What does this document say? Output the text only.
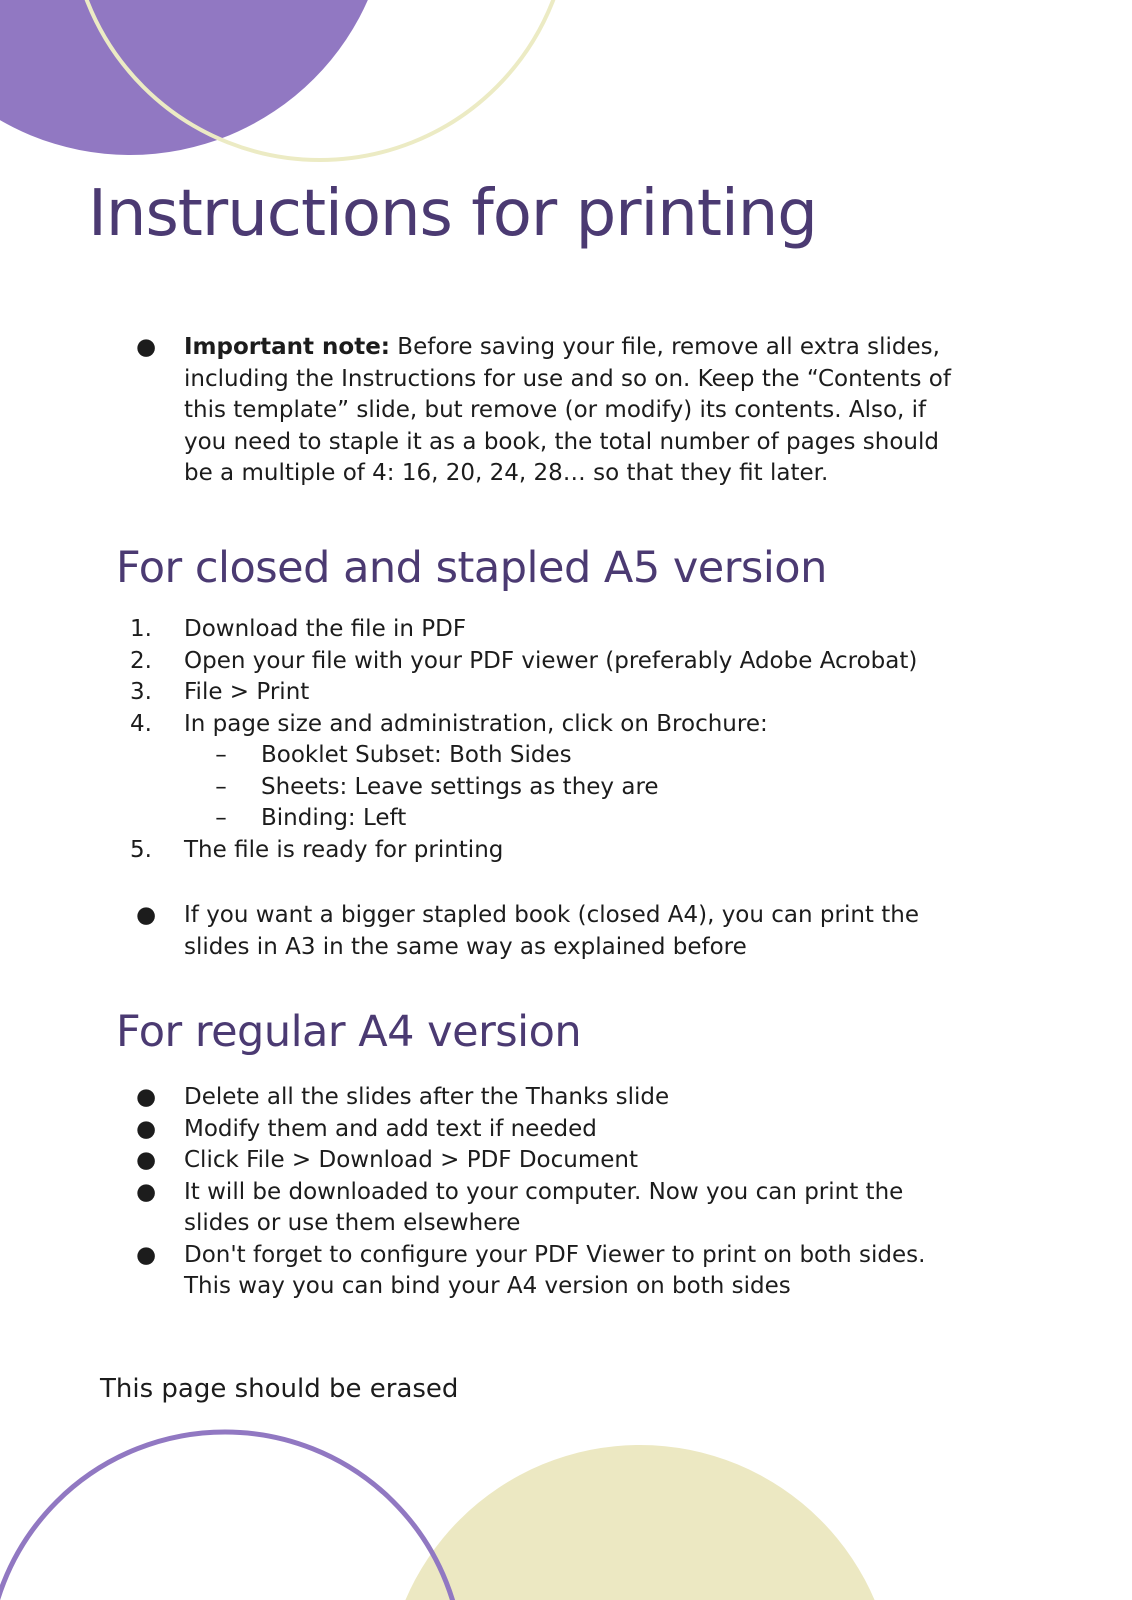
Instructions for printing
● Important note: Before saving your file, remove all extra slides,
including the Instructions for use and so on. Keep the “Contents of
this template” slide, but remove (or modify) its contents. Also, if
you need to staple it as a book, the total number of pages should
be a multiple of 4: 16, 20, 24, 28… so that they fit later.
For closed and stapled A5 version
1. Download the file in PDF
2. Open your file with your PDF viewer (preferably Adobe Acrobat)
3. File > Print
4. In page size and administration, click on Brochure:
– Booklet Subset: Both Sides
– Sheets: Leave settings as they are
– Binding: Left
5. The file is ready for printing
● If you want a bigger stapled book (closed A4), you can print the
slides in A3 in the same way as explained before
For regular A4 version
● Delete all the slides after the Thanks slide
● Modify them and add text if needed
● Click File > Download > PDF Document
● It will be downloaded to your computer. Now you can print the
slides or use them elsewhere
● Don't forget to configure your PDF Viewer to print on both sides.
This way you can bind your A4 version on both sides
This page should be erased
